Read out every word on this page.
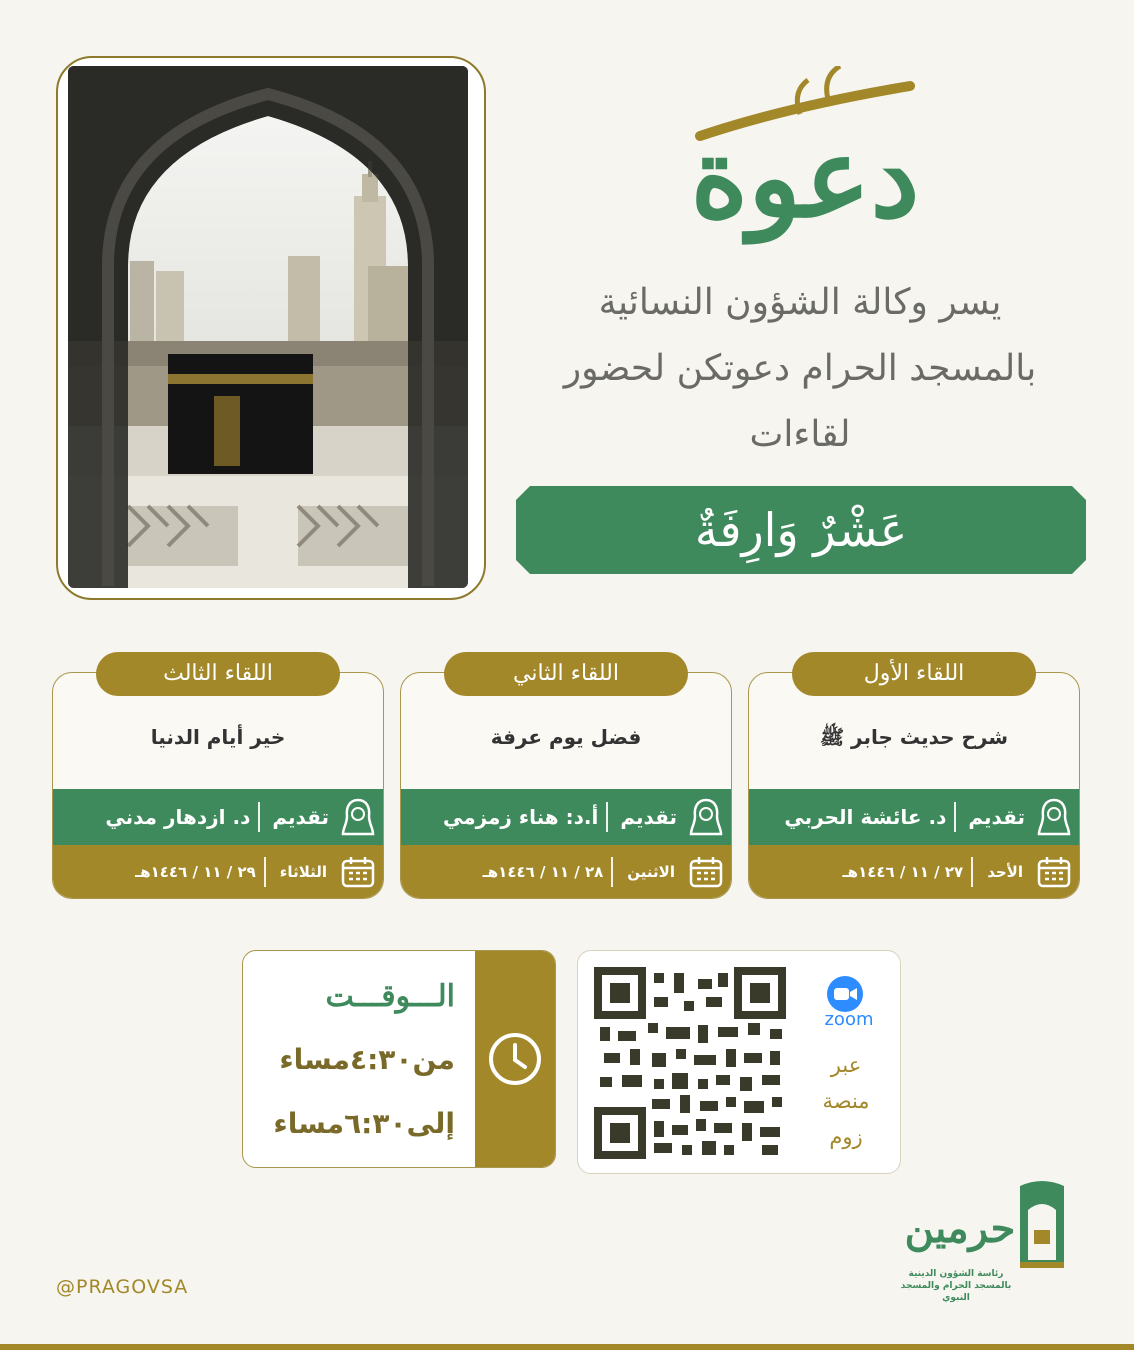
دعوة
يسر وكالة الشؤون النسائية
بالمسجد الحرام دعوتكن لحضور
لقاءات
عَشْرٌ وَارِفَةٌ
شرح حديث جابر ﷺ
تقديم
د. عائشة الحربي
الأحد
٢٧ / ١١ / ١٤٤٦هـ
اللقاء الأول
فضل يوم عرفة
تقديم
أ.د: هناء زمزمي
الاثنين
٢٨ / ١١ / ١٤٤٦هـ
اللقاء الثاني
خير أيام الدنيا
تقديم
د. ازدهار مدني
الثلاثاء
٢٩ / ١١ / ١٤٤٦هـ
اللقاء الثالث
الـــوقـــت
من٤:٣٠مساء
إلى٦:٣٠مساء
zoom
عبر
منصة
زوم
@PRAGOVSA
حرمين
رئاسة الشؤون الدينية
بالمسجد الحرام والمسجد النبوي
